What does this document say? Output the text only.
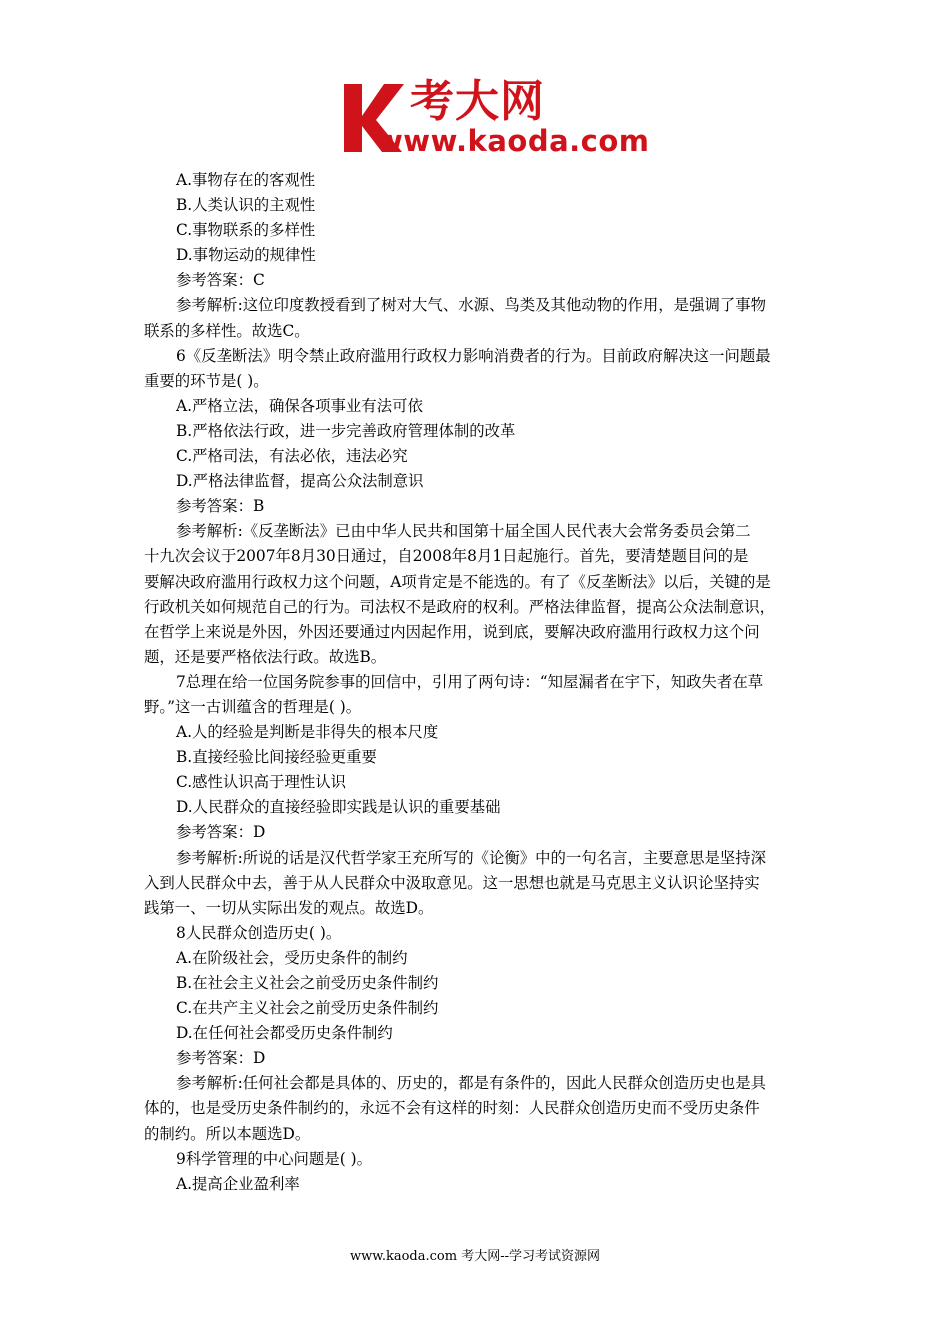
考大网
www.kaoda.com
A.事物存在的客观性
B.人类认识的主观性
C.事物联系的多样性
D.事物运动的规律性
参考答案：C
参考解析:这位印度教授看到了树对大气、水源、鸟类及其他动物的作用，是强调了事物
联系的多样性。故选C。
6《反垄断法》明令禁止政府滥用行政权力影响消费者的行为。目前政府解决这一问题最
重要的环节是( )。
A.严格立法，确保各项事业有法可依
B.严格依法行政，进一步完善政府管理体制的改革
C.严格司法，有法必依，违法必究
D.严格法律监督，提高公众法制意识
参考答案：B
参考解析:《反垄断法》已由中华人民共和国第十届全国人民代表大会常务委员会第二
十九次会议于2007年8月30日通过，自2008年8月1日起施行。首先，要清楚题目问的是
要解决政府滥用行政权力这个问题，A项肯定是不能选的。有了《反垄断法》以后，关键的是
行政机关如何规范自己的行为。司法权不是政府的权利。严格法律监督，提高公众法制意识，
在哲学上来说是外因，外因还要通过内因起作用，说到底，要解决政府滥用行政权力这个问
题，还是要严格依法行政。故选B。
7总理在给一位国务院参事的回信中，引用了两句诗：“知屋漏者在宇下，知政失者在草
野。”这一古训蕴含的哲理是( )。
A.人的经验是判断是非得失的根本尺度
B.直接经验比间接经验更重要
C.感性认识高于理性认识
D.人民群众的直接经验即实践是认识的重要基础
参考答案：D
参考解析:所说的话是汉代哲学家王充所写的《论衡》中的一句名言，主要意思是坚持深
入到人民群众中去，善于从人民群众中汲取意见。这一思想也就是马克思主义认识论坚持实
践第一、一切从实际出发的观点。故选D。
8人民群众创造历史( )。
A.在阶级社会，受历史条件的制约
B.在社会主义社会之前受历史条件制约
C.在共产主义社会之前受历史条件制约
D.在任何社会都受历史条件制约
参考答案：D
参考解析:任何社会都是具体的、历史的，都是有条件的，因此人民群众创造历史也是具
体的，也是受历史条件制约的，永远不会有这样的时刻：人民群众创造历史而不受历史条件
的制约。所以本题选D。
9科学管理的中心问题是( )。
A.提高企业盈利率
www.kaoda.com 考大网--学习考试资源网
